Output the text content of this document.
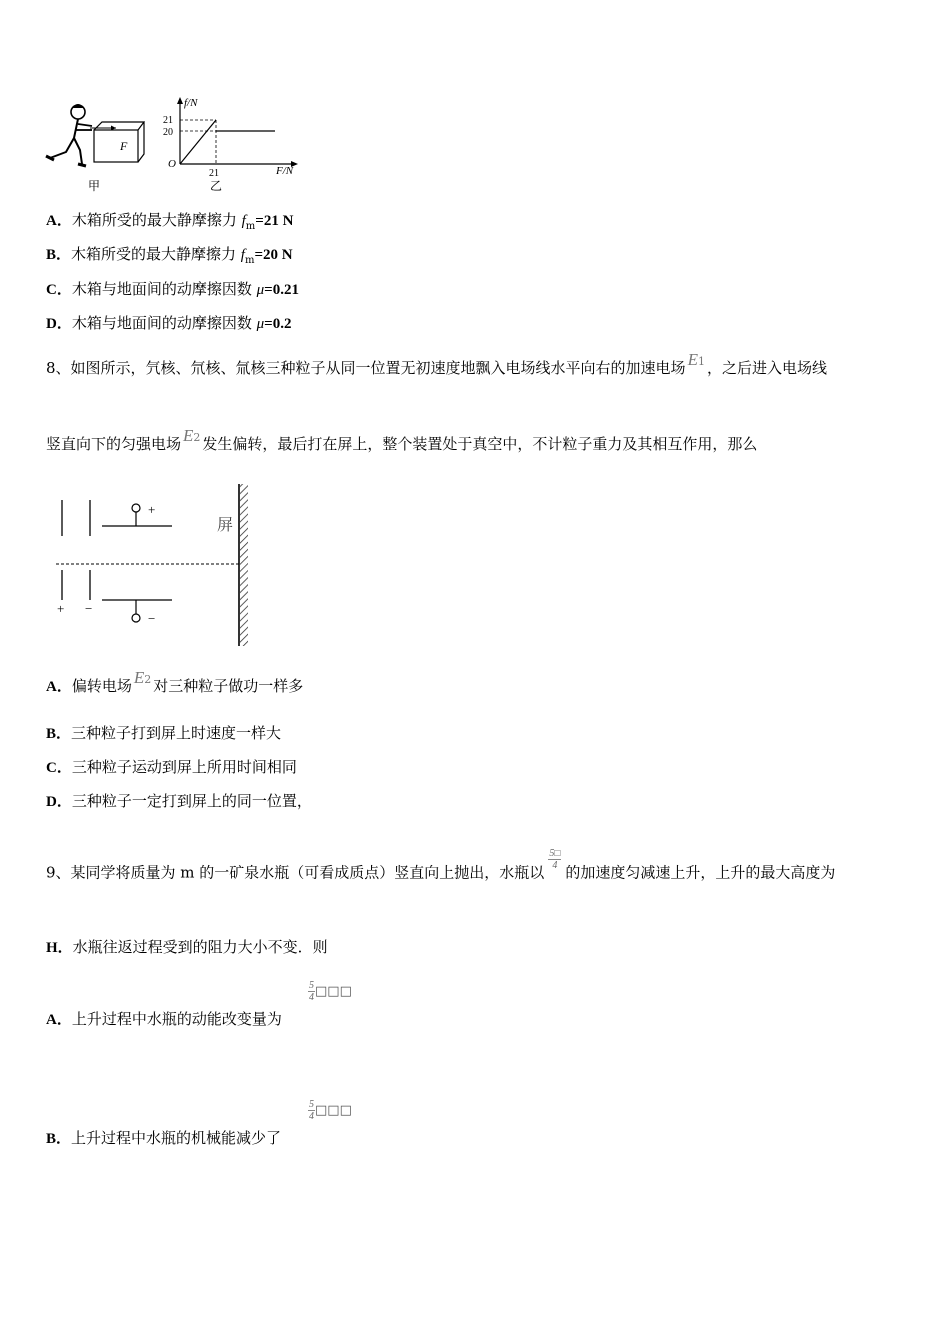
F
甲
f/N
F/N
O
21
20
21
乙
A．木箱所受的最大静摩擦力 $f_m=21$ N
B．木箱所受的最大静摩擦力 $f_m=20$ N
C．木箱与地面间的动摩擦因数 μ=0.21
D．木箱与地面间的动摩擦因数 μ=0.2
8、如图所示，氕核、氘核、氚核三种粒子从同一位置无初速度地飘入电场线水平向右的加速电场 E1 ，之后进入电场线
竖直向下的匀强电场 E2 发生偏转，最后打在屏上，整个装置处于真空中，不计粒子重力及其相互作用，那么
屏
+ −
+
−
A．偏转电场 E2 对三种粒子做功一样多
B．三种粒子打到屏上时速度一样大
C．三种粒子运动到屏上所用时间相同
D．三种粒子一定打到屏上的同一位置，
9、某同学将质量为 m 的一矿泉水瓶（可看成质点）竖直向上抛出，水瓶以
$\frac{5□}{4}$
的加速度匀减速上升，上升的最大高度为
H．水瓶往返过程受到的阻力大小不变．则
A．上升过程中水瓶的动能改变量为
$\frac{5}{4}$ □□□
B．上升过程中水瓶的机械能减少了
$\frac{5}{4}$ □□□
